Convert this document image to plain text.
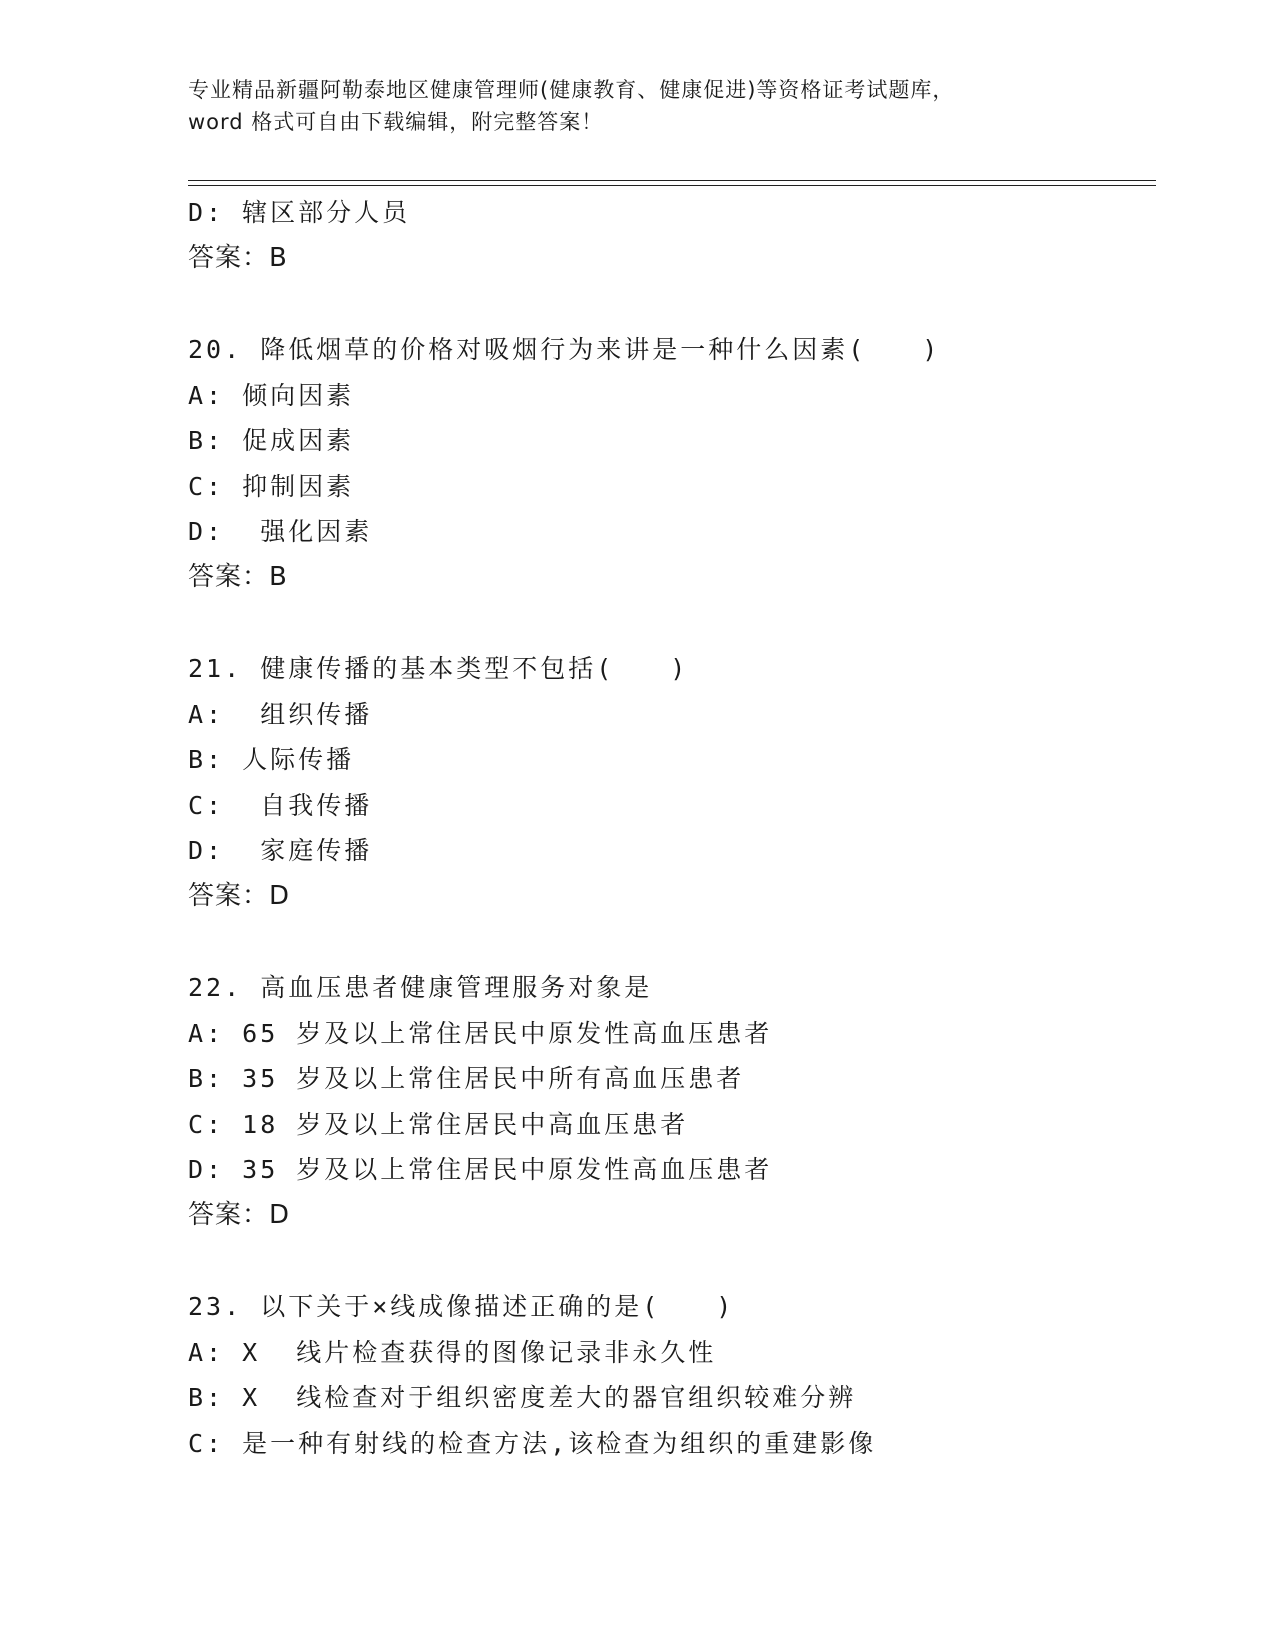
专业精品新疆阿勒泰地区健康管理师(健康教育、健康促进)等资格证考试题库，
word 格式可自由下载编辑，附完整答案！
D: 辖区部分人员
答案：B
20. 降低烟草的价格对吸烟行为来讲是一种什么因素(　　)
A: 倾向因素
B: 促成因素
C: 抑制因素
D:  强化因素
答案：B
21. 健康传播的基本类型不包括(　　)
A:  组织传播
B: 人际传播
C:  自我传播
D:  家庭传播
答案：D
22. 高血压患者健康管理服务对象是
A: 65 岁及以上常住居民中原发性高血压患者
B: 35 岁及以上常住居民中所有高血压患者
C: 18 岁及以上常住居民中高血压患者
D: 35 岁及以上常住居民中原发性高血压患者
答案：D
23. 以下关于×线成像描述正确的是(　　)
A: X  线片检查获得的图像记录非永久性
B: X  线检查对于组织密度差大的器官组织较难分辨
C: 是一种有射线的检查方法,该检查为组织的重建影像
